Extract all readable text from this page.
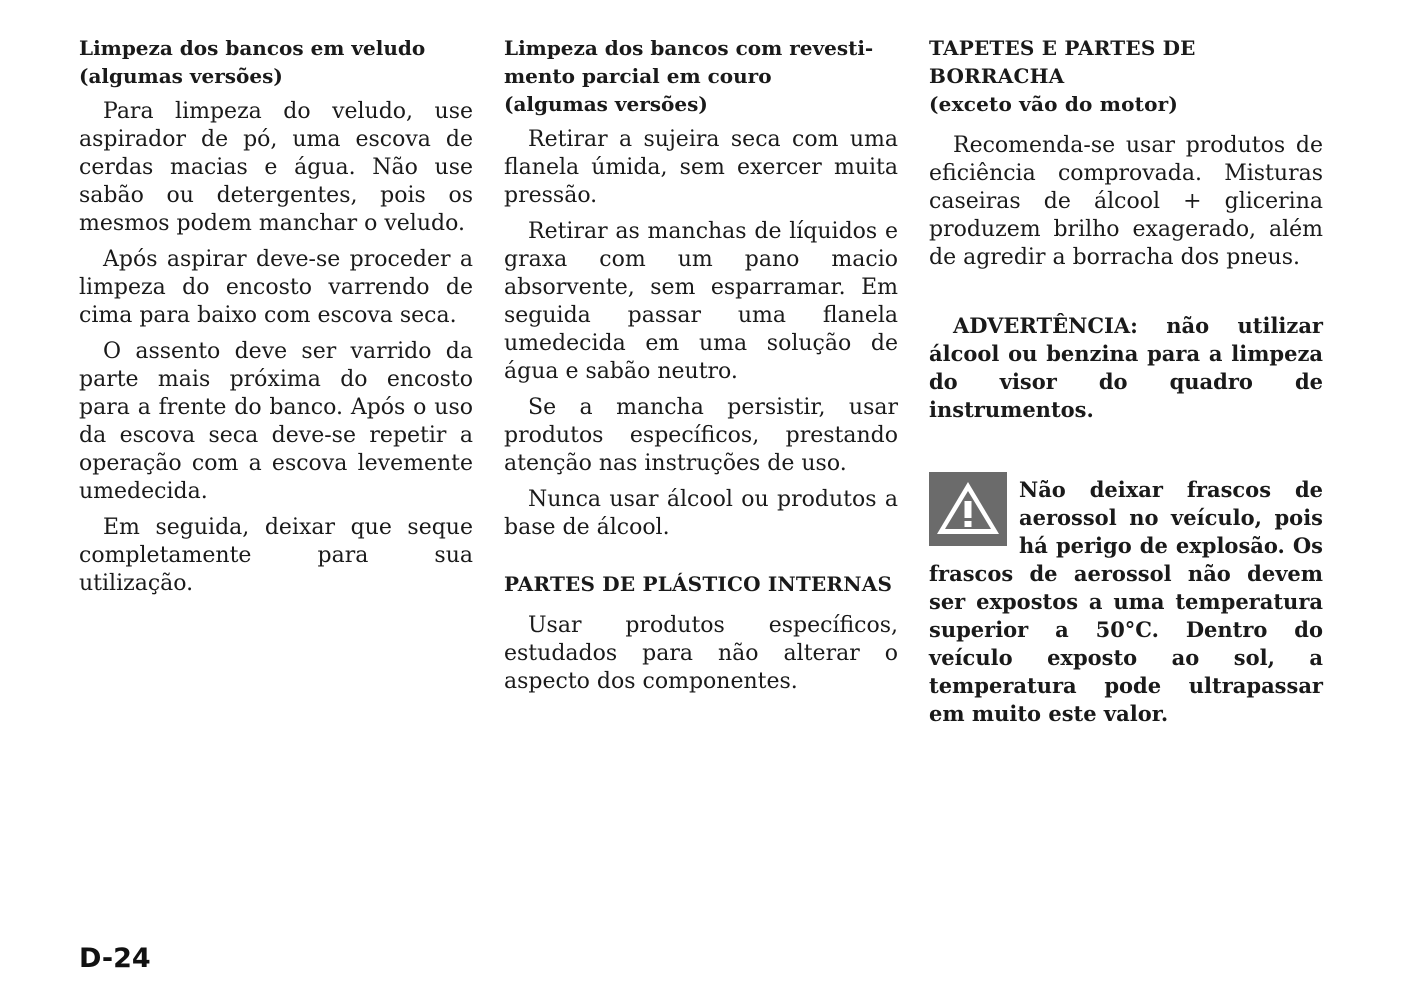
Limpeza dos bancos em veludo
(algumas versões)

Para limpeza do veludo, use aspirador de pó, uma escova de cerdas macias e água. Não use sabão ou detergentes, pois os mesmos podem manchar o veludo.

Após aspirar deve-se proceder a limpeza do encosto varrendo de cima para baixo com escova seca.

O assento deve ser varrido da parte mais próxima do encosto para a frente do banco. Após o uso da escova seca deve-se repetir a operação com a escova levemente umedecida.

Em seguida, deixar que seque completamente para sua utilização.

Limpeza dos bancos com revesti-
mento parcial em couro
(algumas versões)

Retirar a sujeira seca com uma flanela úmida, sem exercer muita pressão.

Retirar as manchas de líquidos e graxa com um pano macio absorvente, sem esparramar. Em seguida passar uma flanela umedecida em uma solução de água e sabão neutro.

Se a mancha persistir, usar produtos específicos, prestando atenção nas instruções de uso.

Nunca usar álcool ou produtos a base de álcool.

PARTES DE PLÁSTICO INTERNAS

Usar produtos específicos, estudados para não alterar o aspecto dos componentes.

TAPETES E PARTES DE BORRACHA
(exceto vão do motor)

Recomenda-se usar produtos de eficiência comprovada. Misturas caseiras de álcool + glicerina produzem brilho exagerado, além de agredir a borracha dos pneus.

ADVERTÊNCIA: não utilizar álcool ou benzina para a limpeza do visor do quadro de instrumentos.

Não deixar frascos de aerossol no veículo, pois há perigo de explosão. Os frascos de aerossol não devem ser expostos a uma temperatura superior a 50°C. Dentro do veículo exposto ao sol, a temperatura pode ultrapassar em muito este valor.
D-24
